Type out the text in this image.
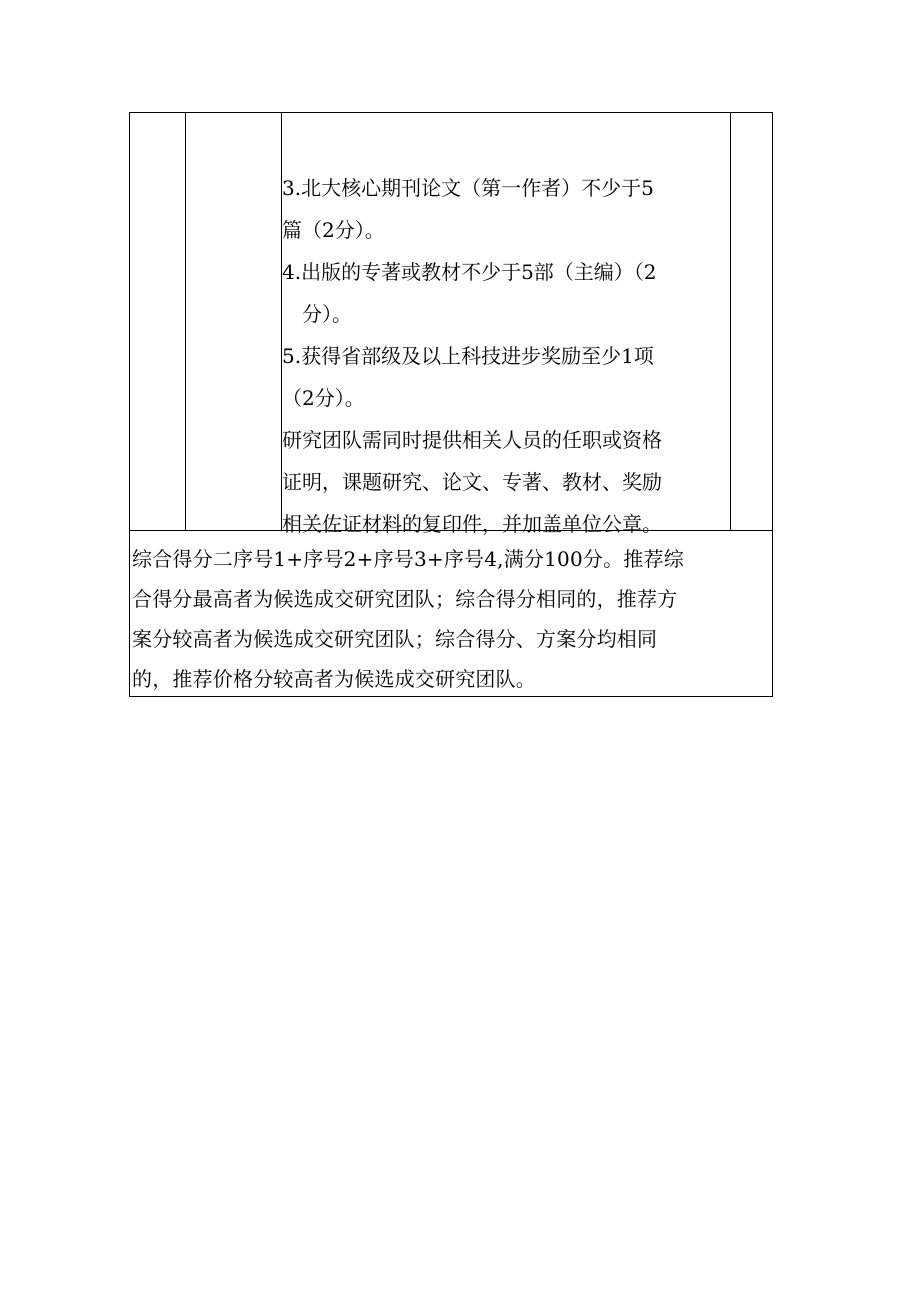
3.北大核心期刊论文（第一作者）不少于5

篇（2分）。

4.出版的专著或教材不少于5部（主编）（2

分）。

5.获得省部级及以上科技进步奖励至少1项

（2分）。

研究团队需同时提供相关人员的任职或资格

证明，课题研究、论文、专著、教材、奖励

相关佐证材料的复印件，并加盖单位公章。

综合得分二序号1+序号2+序号3+序号4,满分100分。推荐综
合得分最高者为候选成交研究团队；综合得分相同的，推荐方
案分较高者为候选成交研究团队；综合得分、方案分均相同
的，推荐价格分较高者为候选成交研究团队。
